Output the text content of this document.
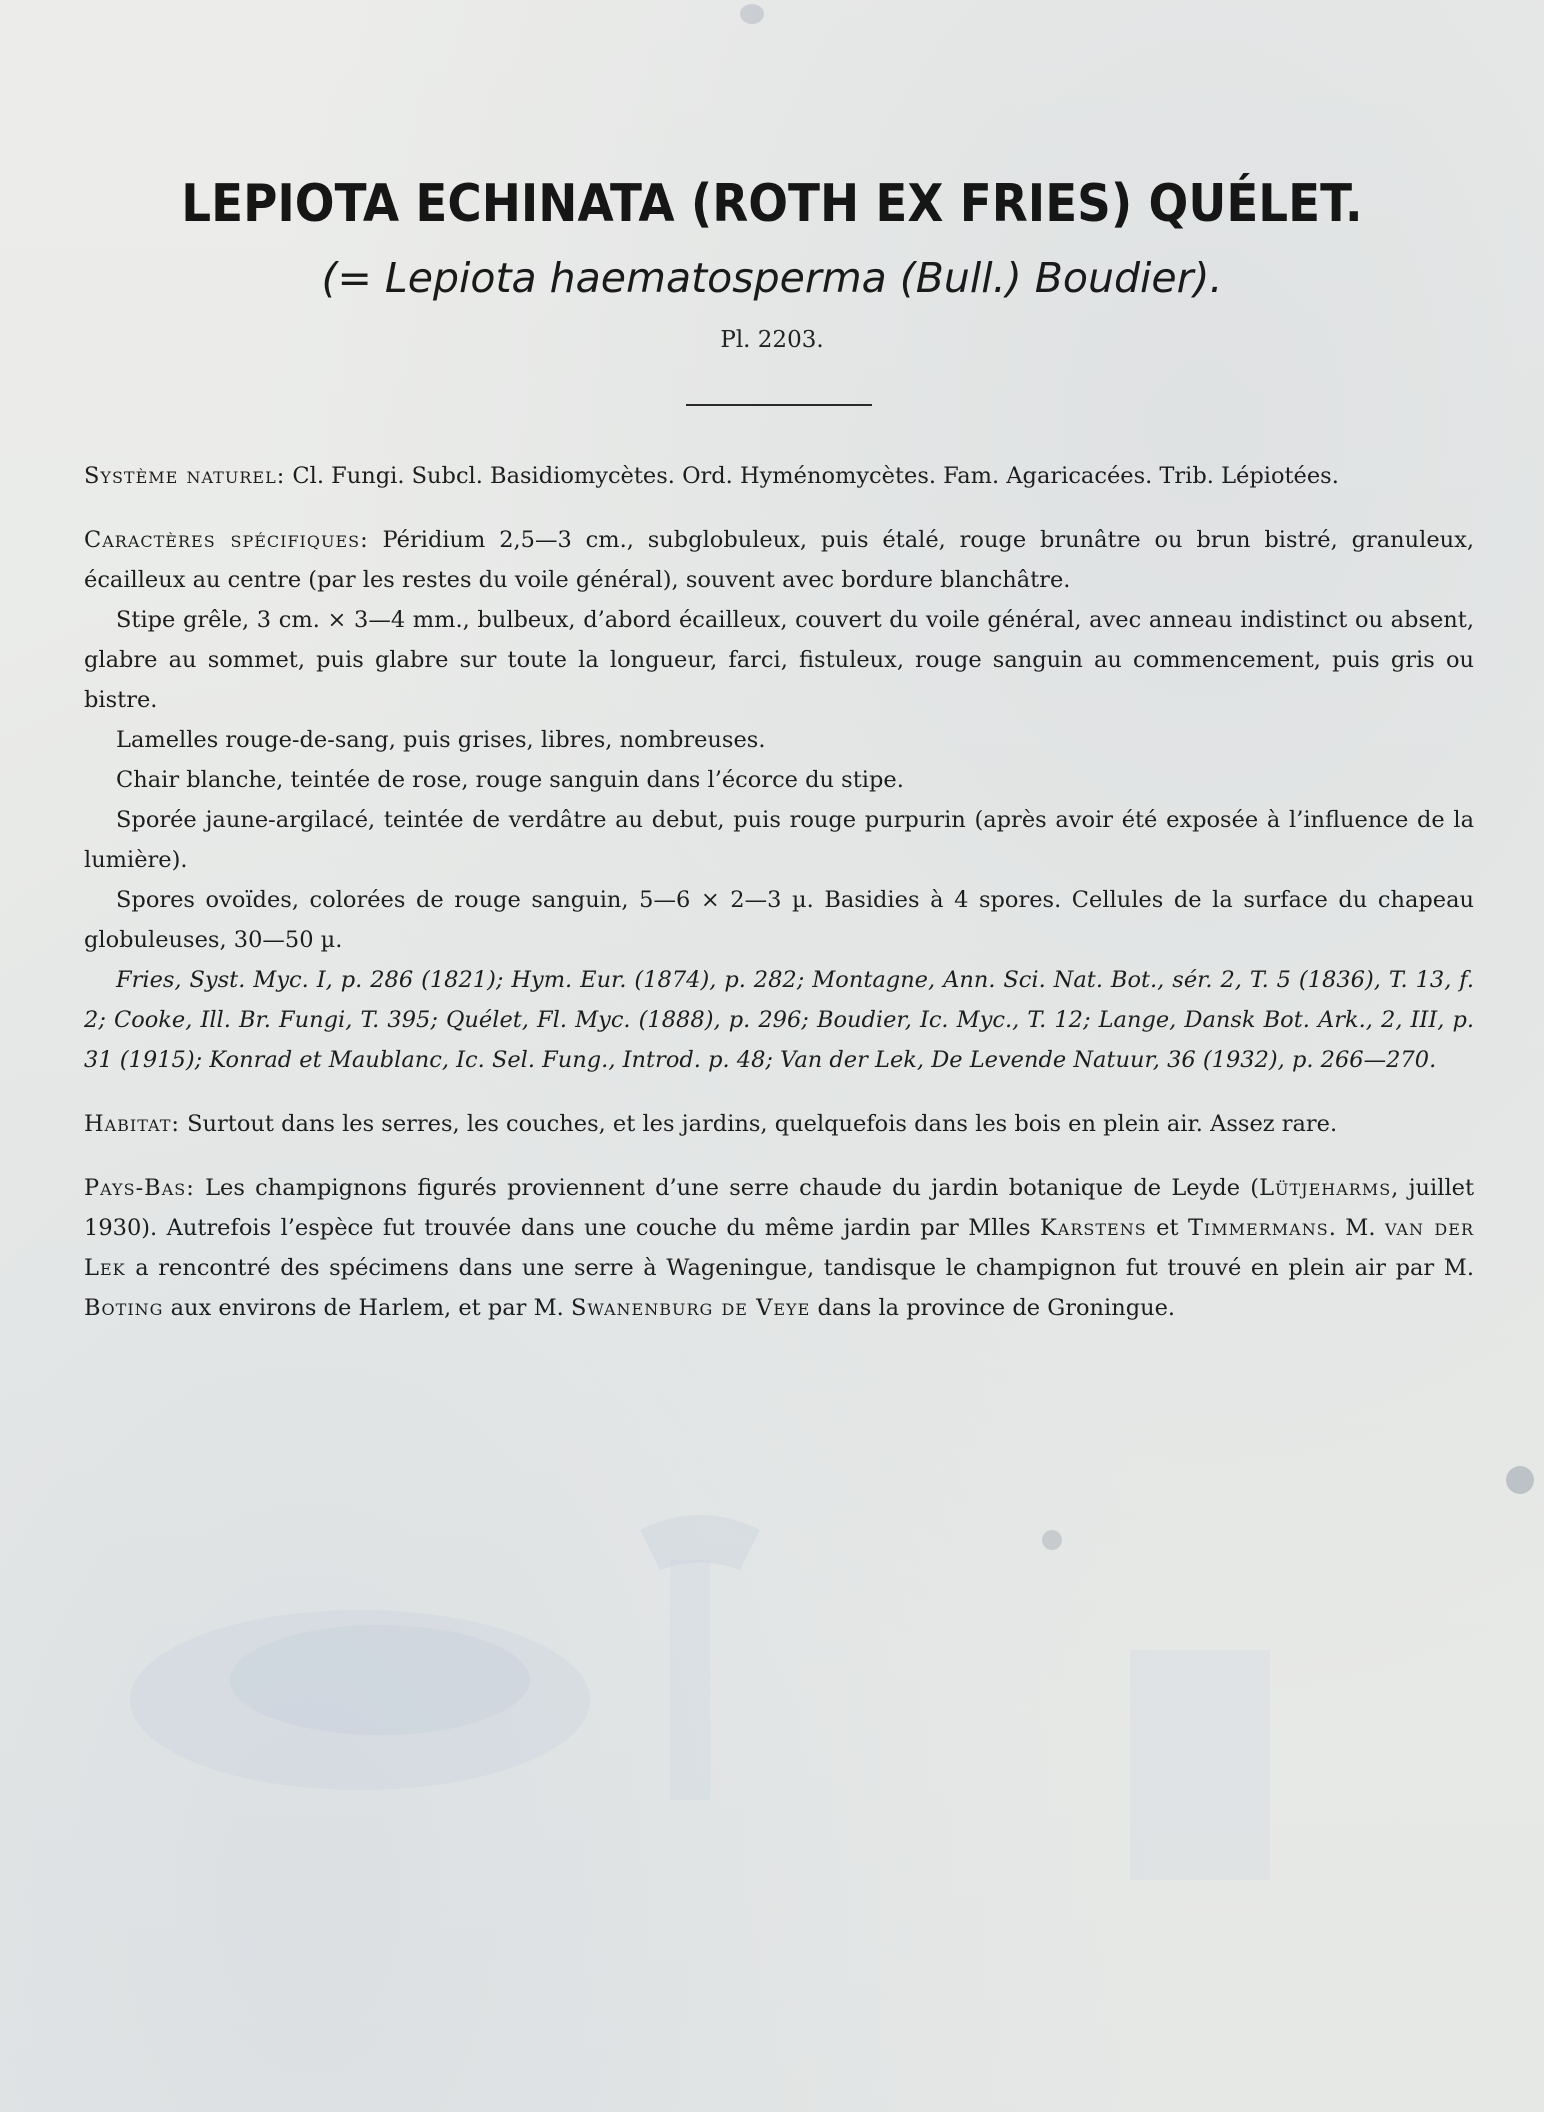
LEPIOTA ECHINATA (ROTH EX FRIES) QUÉLET.
(= Lepiota haematosperma (Bull.) Boudier).
Pl. 2203.

Système naturel: Cl. Fungi. Subcl. Basidiomycètes. Ord. Hyménomycètes. Fam. Agaricacées. Trib. Lépiotées.

Caractères spécifiques: Péridium 2,5—3 cm., subglobuleux, puis étalé, rouge brunâtre ou brun bistré, granuleux, écailleux au centre (par les restes du voile général), souvent avec bordure blanchâtre.

Stipe grêle, 3 cm. × 3—4 mm., bulbeux, d’abord écailleux, couvert du voile général, avec anneau indistinct ou absent, glabre au sommet, puis glabre sur toute la longueur, farci, fistuleux, rouge sanguin au commencement, puis gris ou bistre.

Lamelles rouge-de-sang, puis grises, libres, nombreuses.

Chair blanche, teintée de rose, rouge sanguin dans l’écorce du stipe.

Sporée jaune-argilacé, teintée de verdâtre au debut, puis rouge purpurin (après avoir été exposée à l’influence de la lumière).

Spores ovoïdes, colorées de rouge sanguin, 5—6 × 2—3 µ. Basidies à 4 spores. Cellules de la surface du chapeau globuleuses, 30—50 µ.

Fries, Syst. Myc. I, p. 286 (1821); Hym. Eur. (1874), p. 282; Montagne, Ann. Sci. Nat. Bot., sér. 2, T. 5 (1836), T. 13, f. 2; Cooke, Ill. Br. Fungi, T. 395; Quélet, Fl. Myc. (1888), p. 296; Boudier, Ic. Myc., T. 12; Lange, Dansk Bot. Ark., 2, III, p. 31 (1915); Konrad et Maublanc, Ic. Sel. Fung., Introd. p. 48; Van der Lek, De Levende Natuur, 36 (1932), p. 266—270.

Habitat: Surtout dans les serres, les couches, et les jardins, quelquefois dans les bois en plein air. Assez rare.

Pays-Bas: Les champignons figurés proviennent d’une serre chaude du jardin botanique de Leyde (Lütjeharms, juillet 1930). Autrefois l’espèce fut trouvée dans une couche du même jardin par Mlles Karstens et Timmermans. M. van der Lek a rencontré des spécimens dans une serre à Wageningue, tandisque le champignon fut trouvé en plein air par M. Boting aux environs de Harlem, et par M. Swanenburg de Veye dans la province de Groningue.
